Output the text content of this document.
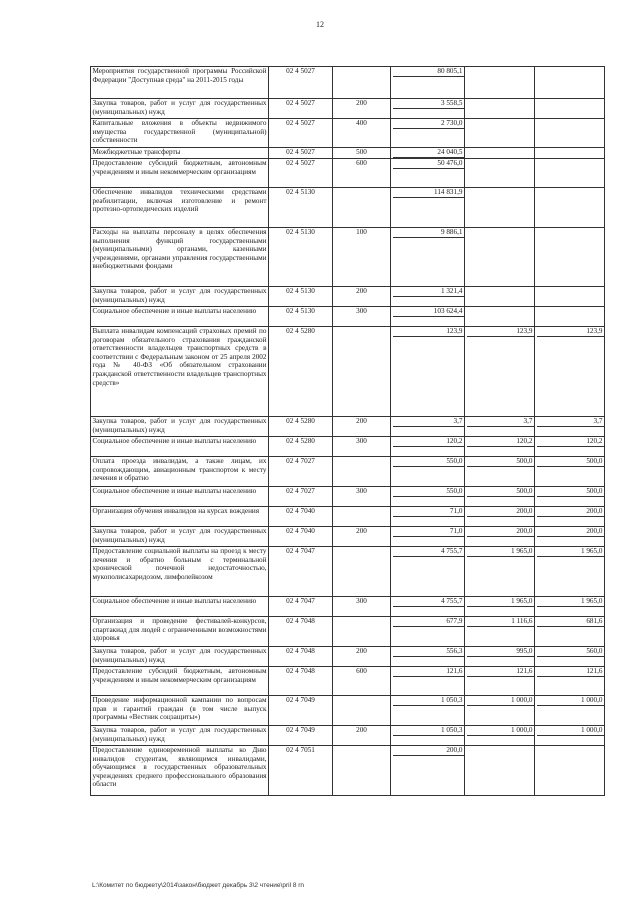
12
Мероприятия государственной программы Российской Федерации "Доступная среда" на 2011-2015 годы	02 4 5027		80 805,1		

Закупка товаров, работ и услуг для государственных (муниципальных) нужд	02 4 5027	200	3 558,5		

Капитальные вложения в объекты недвижимого имущества государственной (муниципальной) собственности	02 4 5027	400	2 730,0		

Межбюджетные трансферты	02 4 5027	500	24 040,5		

Предоставление субсидий бюджетным, автономным учреждениям и иным некоммерческим организациям	02 4 5027	600	50 476,0		

Обеспечение инвалидов техническими средствами реабилитации, включая изготовление и ремонт протезно-ортопедических изделий	02 4 5130		114 831,9		

Расходы на выплаты персоналу в целях обеспечения выполнения функций государственными (муниципальными) органами, казенными учреждениями, органами управления государственными внебюджетными фондами	02 4 5130	100	9 886,1		

Закупка товаров, работ и услуг для государственных (муниципальных) нужд	02 4 5130	200	1 321,4		

Социальное обеспечение и иные выплаты населению	02 4 5130	300	103 624,4		

Выплата инвалидам компенсаций страховых премий по договорам обязательного страхования гражданской ответственности владельцев транспортных средств в соответствии с Федеральным законом от 25 апреля 2002 года № 40-ФЗ «Об обязательном страховании гражданской ответственности владельцев транспортных средств»	02 4 5280		123,9	123,9	123,9

Закупка товаров, работ и услуг для государственных (муниципальных) нужд	02 4 5280	200	3,7	3,7	3,7

Социальное обеспечение и иные выплаты населению	02 4 5280	300	120,2	120,2	120,2

Оплата проезда инвалидам, а также лицам, их сопровождающим, авиационным транспортом к месту лечения и обратно	02 4 7027		550,0	500,0	500,0

Социальное обеспечение и иные выплаты населению	02 4 7027	300	550,0	500,0	500,0

Организация обучения инвалидов на курсах вождения	02 4 7040		71,0	200,0	200,0

Закупка товаров, работ и услуг для государственных (муниципальных) нужд	02 4 7040	200	71,0	200,0	200,0

Предоставление социальной выплаты на проезд к месту лечения и обратно больным с терминальной хронической почечной недостаточностью, мукополисахаридозом, лимфолейкозом	02 4 7047		4 755,7	1 965,0	1 965,0

Социальное обеспечение и иные выплаты населению	02 4 7047	300	4 755,7	1 965,0	1 965,0

Организация и проведение фестивалей-конкурсов, спартакиад для людей с ограниченными возможностями здоровья	02 4 7048		677,9	1 116,6	681,6

Закупка товаров, работ и услуг для государственных (муниципальных) нужд	02 4 7048	200	556,3	995,0	560,0

Предоставление субсидий бюджетным, автономным учреждениям и иным некоммерческим организациям	02 4 7048	600	121,6	121,6	121,6

Проведение информационной кампании по вопросам прав и гарантий граждан (в том числе выпуск программы «Вестник соцзащиты»)	02 4 7049		1 050,3	1 000,0	1 000,0

Закупка товаров, работ и услуг для государственных (муниципальных) нужд	02 4 7049	200	1 050,3	1 000,0	1 000,0

Предоставление единовременной выплаты ко Дню инвалидов студентам, являющимся инвалидами, обучающимся в государственных образовательных учреждениях среднего профессионального образования области	02 4 7051		200,0		

L:\Комитет по бюджету\2014\закон\бюджет декабрь 3\2 чтение\pril 8 rn
